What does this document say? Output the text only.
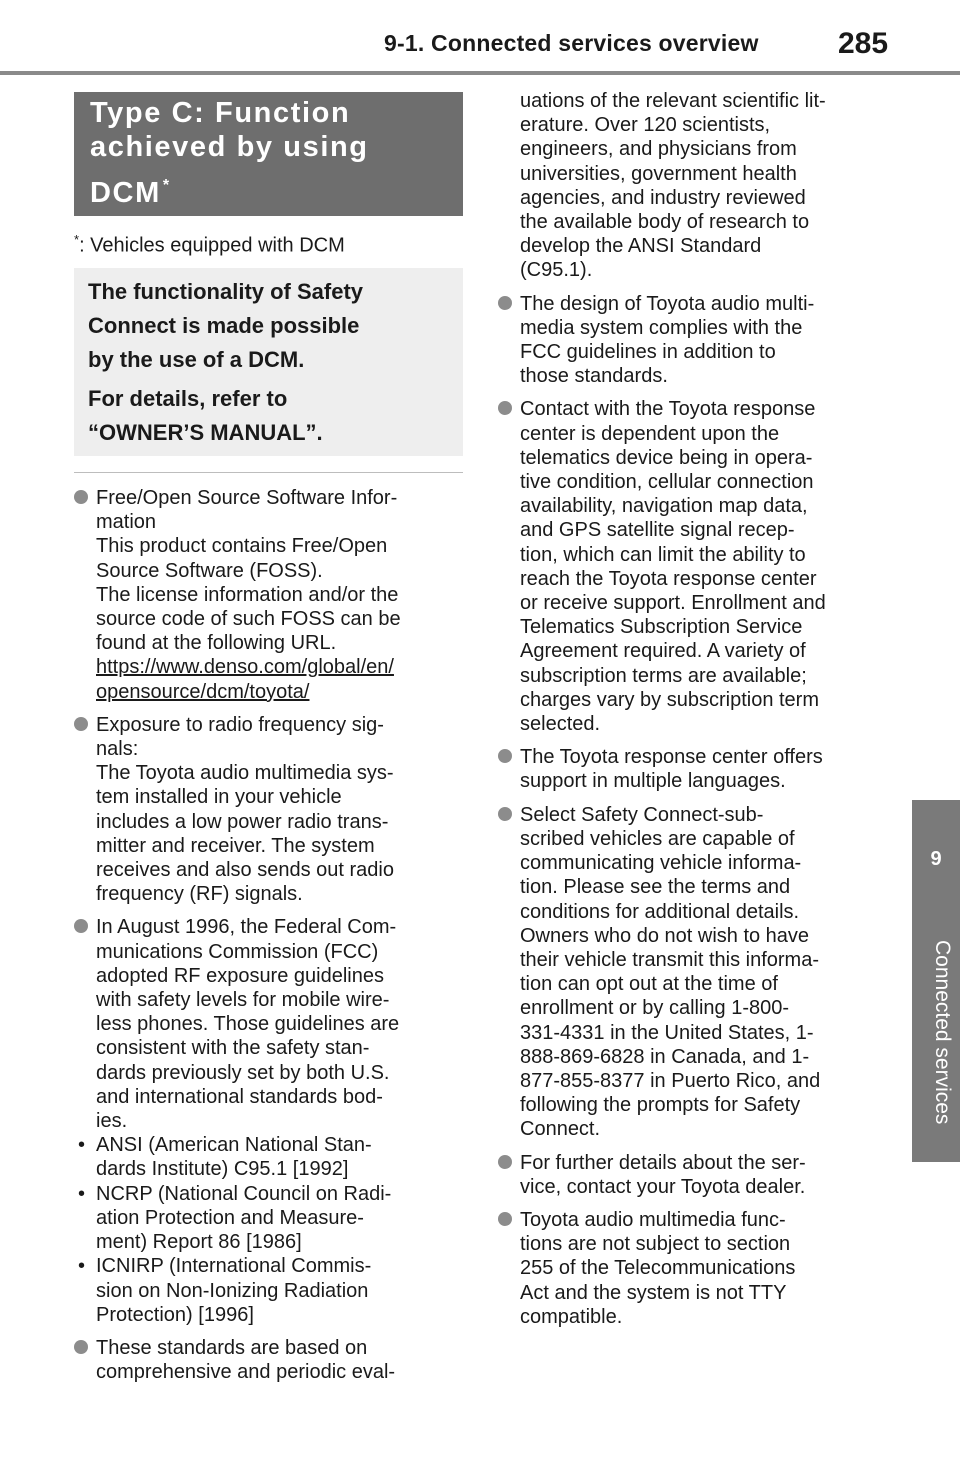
9-1. Connected services overview	285
9
Connected services
Type C: Function
achieved by using
DCM *
*: Vehicles equipped with DCM

The functionality of Safety
Connect is made possible
by the use of a DCM.

For details, refer to
“OWNER’S MANUAL”.

Free/Open Source Software Infor-
mation
This product contains Free/Open
Source Software (FOSS).
The license information and/or the
source code of such FOSS can be
found at the following URL.
https://www.denso.com/global/en/
opensource/dcm/toyota/
Exposure to radio frequency sig-
nals:
The Toyota audio multimedia sys-
tem installed in your vehicle
includes a low power radio trans-
mitter and receiver. The system
receives and also sends out radio
frequency (RF) signals.
In August 1996, the Federal Com-
munications Commission (FCC)
adopted RF exposure guidelines
with safety levels for mobile wire-
less phones. Those guidelines are
consistent with the safety stan-
dards previously set by both U.S.
and international standards bod-
ies.
• ANSI (American National Stan-
dards Institute) C95.1 [1992]
• NCRP (National Council on Radi-
ation Protection and Measure-
ment) Report 86 [1986]
• ICNIRP (International Commis-
sion on Non-Ionizing Radiation
Protection) [1996]
These standards are based on
comprehensive and periodic eval-
uations of the relevant scientific lit-
erature. Over 120 scientists,
engineers, and physicians from
universities, government health
agencies, and industry reviewed
the available body of research to
develop the ANSI Standard
(C95.1).
The design of Toyota audio multi-
media system complies with the
FCC guidelines in addition to
those standards.
Contact with the Toyota response
center is dependent upon the
telematics device being in opera-
tive condition, cellular connection
availability, navigation map data,
and GPS satellite signal recep-
tion, which can limit the ability to
reach the Toyota response center
or receive support. Enrollment and
Telematics Subscription Service
Agreement required. A variety of
subscription terms are available;
charges vary by subscription term
selected.
The Toyota response center offers
support in multiple languages.
Select Safety Connect-sub-
scribed vehicles are capable of
communicating vehicle informa-
tion. Please see the terms and
conditions for additional details.
Owners who do not wish to have
their vehicle transmit this informa-
tion can opt out at the time of
enrollment or by calling 1-800-
331-4331 in the United States, 1-
888-869-6828 in Canada, and 1-
877-855-8377 in Puerto Rico, and
following the prompts for Safety
Connect.
For further details about the ser-
vice, contact your Toyota dealer.
Toyota audio multimedia func-
tions are not subject to section
255 of the Telecommunications
Act and the system is not TTY
compatible.
